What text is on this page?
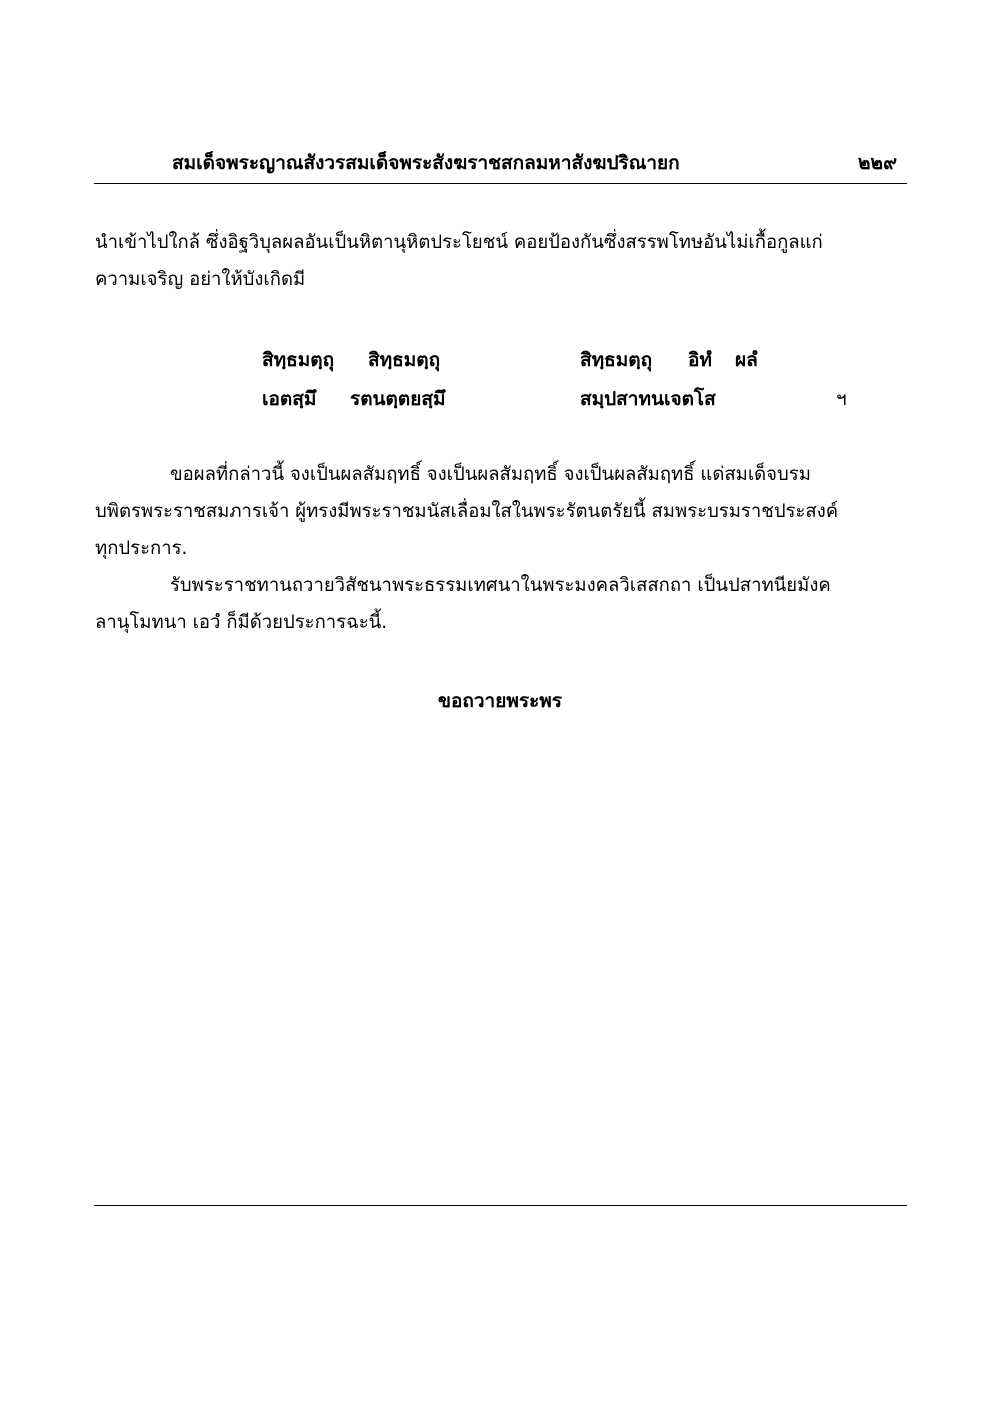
สมเด็จพระญาณสังวรสมเด็จพระสังฆราชสกลมหาสังฆปริณายก	๒๒๙
นำเข้าไปใกล้ ซึ่งอิฐวิบุลผลอันเป็นหิตานุหิตประโยชน์ คอยป้องกันซึ่งสรรพโทษอันไม่เกื้อกูลแก่
ความเจริญ อย่าให้บังเกิดมี
สิทฺธมตฺถุ สิทฺธมตฺถุ	สิทฺธมตฺถุ อิทํ ผลํ
เอตสฺมึ รตนตฺตยสฺมึ	สมฺปสาทนเจตโส	ฯ
ขอผลที่กล่าวนี้ จงเป็นผลสัมฤทธิ์ จงเป็นผลสัมฤทธิ์ จงเป็นผลสัมฤทธิ์ แด่สมเด็จบรม
บพิตรพระราชสมภารเจ้า ผู้ทรงมีพระราชมนัสเลื่อมใสในพระรัตนตรัยนี้ สมพระบรมราชประสงค์
ทุกประการ.
รับพระราชทานถวายวิสัชนาพระธรรมเทศนาในพระมงคลวิเสสกถา เป็นปสาทนียมังค
ลานุโมทนา เอวํ ก็มีด้วยประการฉะนี้.
ขอถวายพระพร
